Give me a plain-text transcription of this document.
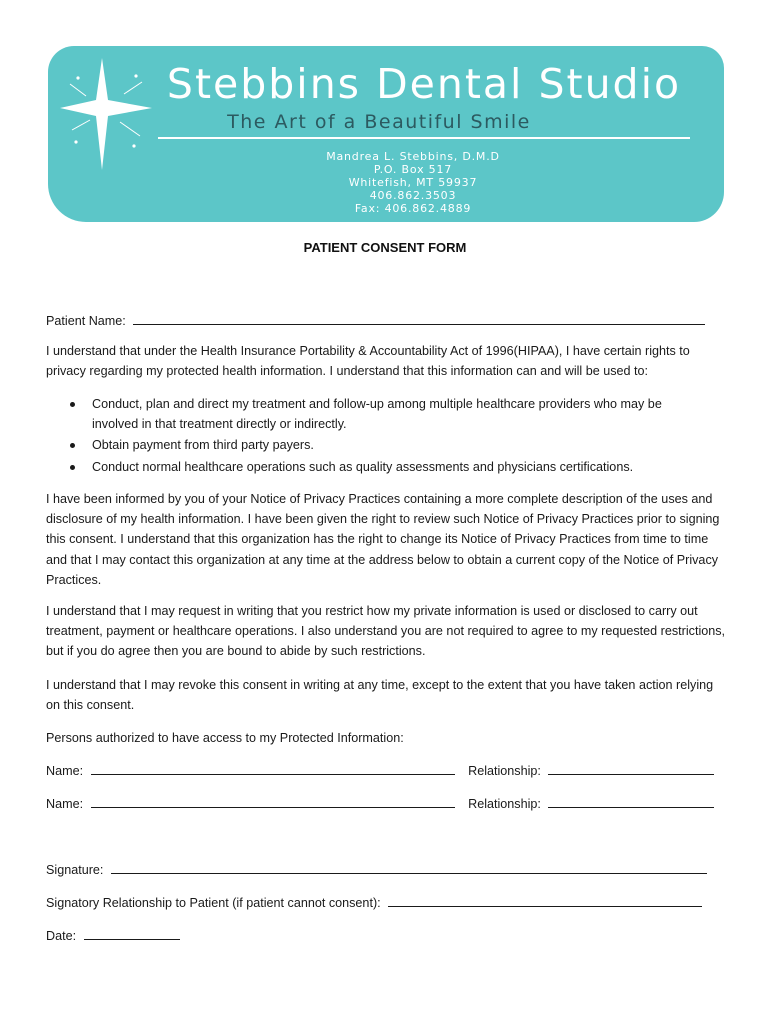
Stebbins Dental Studio
The Art of a Beautiful Smile
Mandrea L. Stebbins, D.M.D
P.O. Box 517
Whitefish, MT 59937
406.862.3503
Fax: 406.862.4889
PATIENT CONSENT FORM
Patient Name:
I understand that under the Health Insurance Portability & Accountability Act of 1996(HIPAA), I have certain rights to privacy regarding my protected health information. I understand that this information can and will be used to:
Conduct, plan and direct my treatment and follow-up among multiple healthcare providers who may be involved in that treatment directly or indirectly.
Obtain payment from third party payers.
Conduct normal healthcare operations such as quality assessments and physicians certifications.
I have been informed by you of your Notice of Privacy Practices containing a more complete description of the uses and disclosure of my health information. I have been given the right to review such Notice of Privacy Practices prior to signing this consent. I understand that this organization has the right to change its Notice of Privacy Practices from time to time and that I may contact this organization at any time at the address below to obtain a current copy of the Notice of Privacy Practices.
I understand that I may request in writing that you restrict how my private information is used or disclosed to carry out treatment, payment or healthcare operations. I also understand you are not required to agree to my requested restrictions, but if you do agree then you are bound to abide by such restrictions.
I understand that I may revoke this consent in writing at any time, except to the extent that you have taken action relying on this consent.
Persons authorized to have access to my Protected Information:
Name:	Relationship:
Name:	Relationship:
Signature:
Signatory Relationship to Patient (if patient cannot consent):
Date:
